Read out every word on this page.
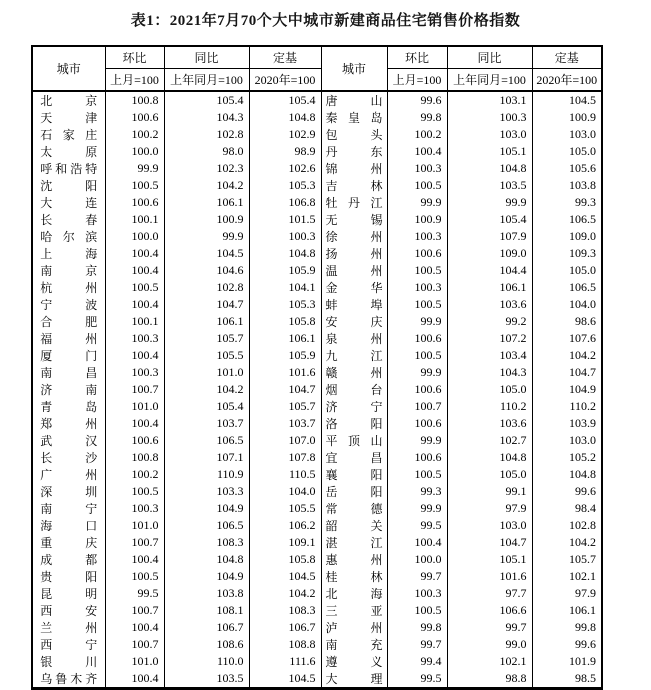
表1：2021年7月70个大中城市新建商品住宅销售价格指数
城市	环比	同比	定基	城市	环比	同比	定基
	上月=100	上年同月=100	2020年=100		上月=100	上年同月=100	2020年=100
北京	100.8	105.4	105.4	唐山	99.6	103.1	104.5
天津	100.6	104.3	104.8	秦皇岛	99.8	100.3	100.9
石家庄	100.2	102.8	102.9	包头	100.2	103.0	103.0
太原	100.0	98.0	98.9	丹东	100.4	105.1	105.0
呼和浩特	99.9	102.3	102.6	锦州	100.3	104.8	105.6
沈阳	100.5	104.2	105.3	吉林	100.5	103.5	103.8
大连	100.6	106.1	106.8	牡丹江	99.9	99.9	99.3
长春	100.1	100.9	101.5	无锡	100.9	105.4	106.5
哈尔滨	100.0	99.9	100.3	徐州	100.3	107.9	109.0
上海	100.4	104.5	104.8	扬州	100.6	109.0	109.3
南京	100.4	104.6	105.9	温州	100.5	104.4	105.0
杭州	100.5	102.8	104.1	金华	100.3	106.1	106.5
宁波	100.4	104.7	105.3	蚌埠	100.5	103.6	104.0
合肥	100.1	106.1	105.8	安庆	99.9	99.2	98.6
福州	100.3	105.7	106.1	泉州	100.6	107.2	107.6
厦门	100.4	105.5	105.9	九江	100.5	103.4	104.2
南昌	100.3	101.0	101.6	赣州	99.9	104.3	104.7
济南	100.7	104.2	104.7	烟台	100.6	105.0	104.9
青岛	101.0	105.4	105.7	济宁	100.7	110.2	110.2
郑州	100.4	103.7	103.7	洛阳	100.6	103.6	103.9
武汉	100.6	106.5	107.0	平顶山	99.9	102.7	103.0
长沙	100.8	107.1	107.8	宜昌	100.6	104.8	105.2
广州	100.2	110.9	110.5	襄阳	100.5	105.0	104.8
深圳	100.5	103.3	104.0	岳阳	99.3	99.1	99.6
南宁	100.3	104.9	105.5	常德	99.9	97.9	98.4
海口	101.0	106.5	106.2	韶关	99.5	103.0	102.8
重庆	100.7	108.3	109.1	湛江	100.4	104.7	104.2
成都	100.4	104.8	105.8	惠州	100.0	105.1	105.7
贵阳	100.5	104.9	104.5	桂林	99.7	101.6	102.1
昆明	99.5	103.8	104.2	北海	100.3	97.7	97.9
西安	100.7	108.1	108.3	三亚	100.5	106.6	106.1
兰州	100.4	106.7	106.7	泸州	99.8	99.7	99.8
西宁	100.7	108.6	108.8	南充	99.7	99.0	99.6
银川	101.0	110.0	111.6	遵义	99.4	102.1	101.9
乌鲁木齐	100.4	103.5	104.5	大理	99.5	98.8	98.5
